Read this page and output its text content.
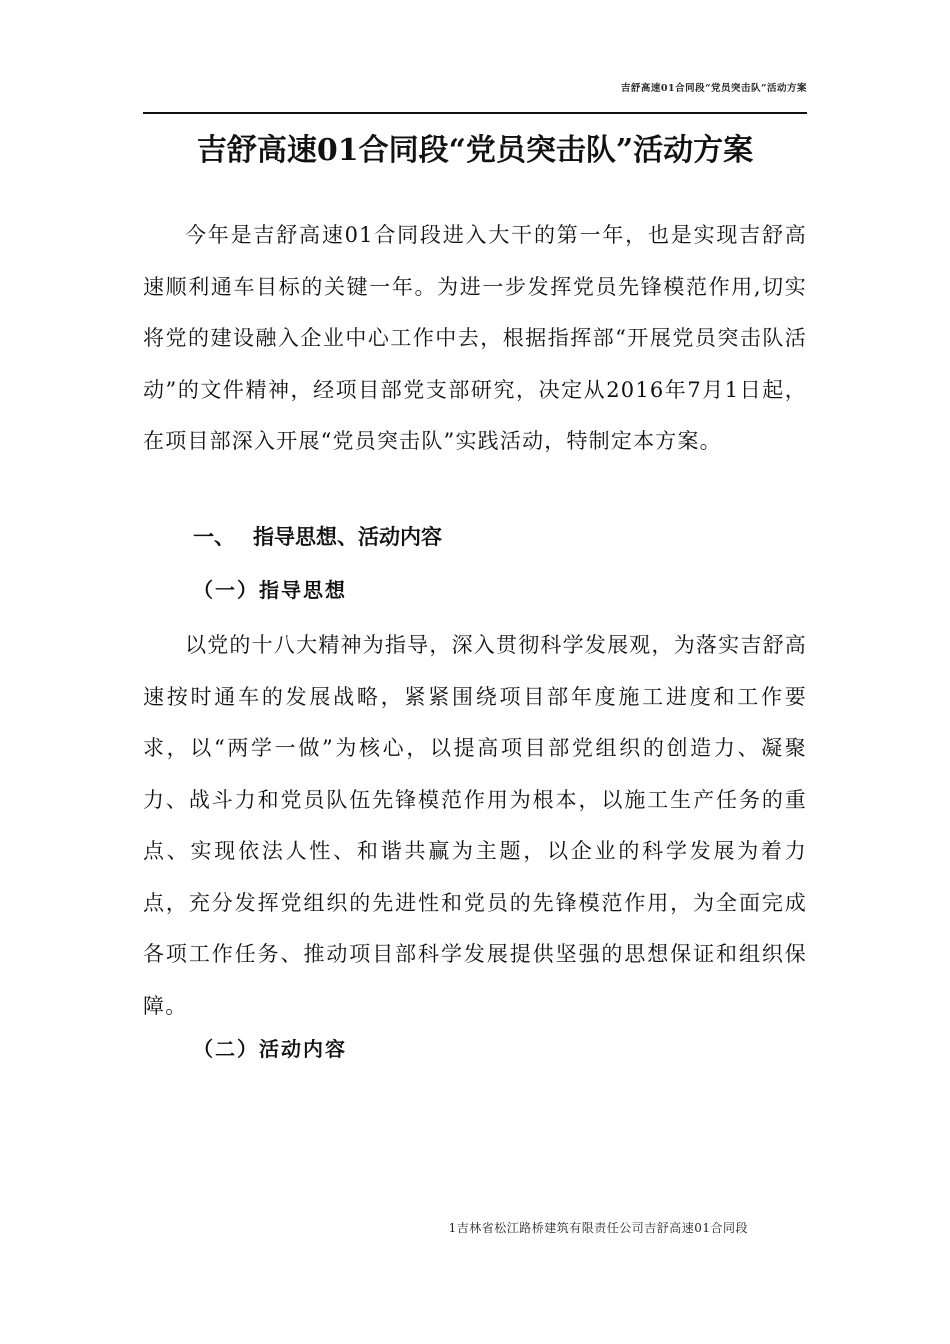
吉舒高速01合同段“党员突击队”活动方案
吉舒高速01合同段“党员突击队”活动方案

今年是吉舒高速01合同段进入大干的第一年，也是实现吉舒高速顺利通车目标的关键一年。为进一步发挥党员先锋模范作用,切实将党的建设融入企业中心工作中去，根据指挥部“开展党员突击队活动”的文件精神，经项目部党支部研究，决定从2016年7月1日起，在项目部深入开展“党员突击队”实践活动，特制定本方案。

一、 指导思想、活动内容
（一）指导思想

以党的十八大精神为指导，深入贯彻科学发展观，为落实吉舒高速按时通车的发展战略，紧紧围绕项目部年度施工进度和工作要求，以“两学一做”为核心，以提高项目部党组织的创造力、凝聚力、战斗力和党员队伍先锋模范作用为根本，以施工生产任务的重点、实现依法人性、和谐共赢为主题，以企业的科学发展为着力点，充分发挥党组织的先进性和党员的先锋模范作用，为全面完成各项工作任务、推动项目部科学发展提供坚强的思想保证和组织保障。

（二）活动内容
1吉林省松江路桥建筑有限责任公司吉舒高速01合同段
